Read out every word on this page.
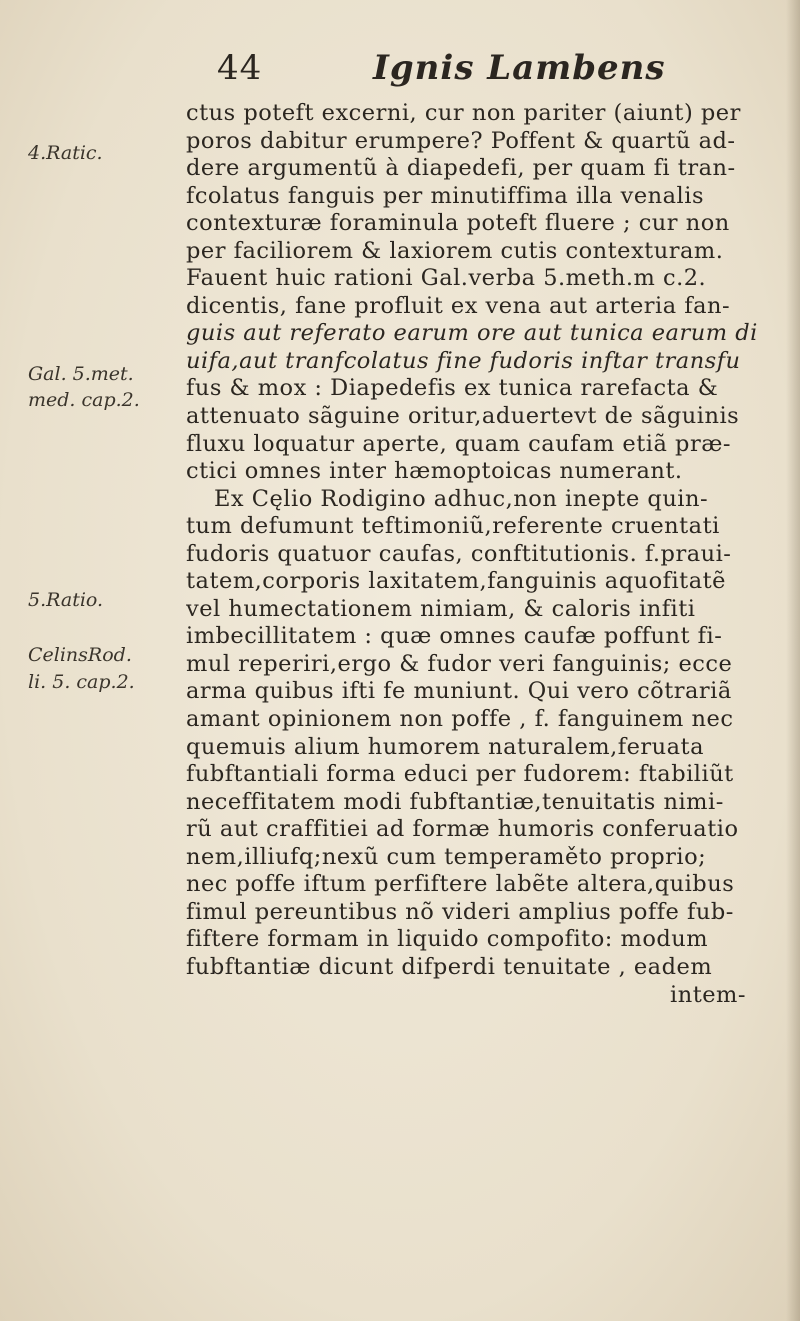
44	Ignis Lambens
4.Ratic.
Gal. 5.met.
med. cap.2.
5.Ratio.
CelinsRod.
li. 5. cap.2.
ctus poteft excerni, cur non pariter (aiunt) per
poros dabitur erumpere? Poffent & quartũ ad-
dere argumentũ à diapedefi, per quam fi tran-
fcolatus fanguis per minutiffima illa venalis
contexturæ foraminula poteft fluere ; cur non
per faciliorem & laxiorem cutis contexturam.
Fauent huic rationi Gal.verba 5.meth.m c.2.
dicentis, fane profluit ex vena aut arteria fan-
guis aut referato earum ore aut tunica earum di
uifa,aut tranfcolatus fine fudoris inftar transfu
fus & mox : Diapedefis ex tunica rarefacta &
attenuato sãguine oritur,aduertevt de sãguinis
fluxu loquatur aperte, quam caufam etiã præ-
ctici omnes inter hæmoptoicas numerant.
Ex Cęlio Rodigino adhuc,non inepte quin-
tum defumunt teftimoniũ,referente cruentati
fudoris quatuor caufas, conftitutionis. f.praui-
tatem,corporis laxitatem,fanguinis aquofitatẽ
vel humectationem nimiam, & caloris infiti
imbecillitatem : quæ omnes caufæ poffunt fi-
mul reperiri,ergo & fudor veri fanguinis; ecce
arma quibus ifti fe muniunt. Qui vero cõtrariã
amant opinionem non poffe , f. fanguinem nec
quemuis alium humorem naturalem,feruata
fubftantiali forma educi per fudorem: ftabiliũt
neceffitatem modi fubftantiæ,tenuitatis nimi-
rũ aut craffitiei ad formæ humoris conferuatio
nem,illiufq;nexũ cum temperaměto proprio;
nec poffe iftum perfiftere labẽte altera,quibus
fimul pereuntibus nõ videri amplius poffe fub-
fiftere formam in liquido compofito: modum
fubftantiæ dicunt difperdi tenuitate , eadem
intem-
